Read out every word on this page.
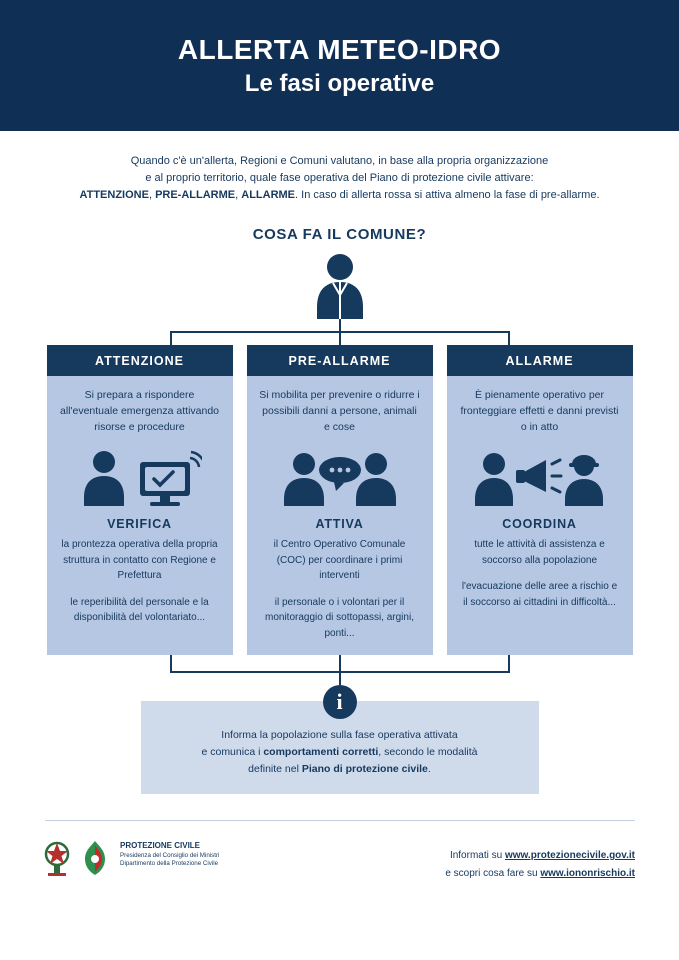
ALLERTA METEO-IDRO
Le fasi operative
Quando c'è un'allerta, Regioni e Comuni valutano, in base alla propria organizzazione
e al proprio territorio, quale fase operativa del Piano di protezione civile attivare:
ATTENZIONE, PRE-ALLARME, ALLARME. In caso di allerta rossa si attiva almeno la fase di pre-allarme.
COSA FA IL COMUNE?
ATTENZIONE
Si prepara a rispondere all'eventuale emergenza attivando risorse e procedure
VERIFICA

la prontezza operativa della propria struttura in contatto con Regione e Prefettura

le reperibilità del personale e la disponibilità del volontariato...

PRE-ALLARME
Si mobilita per prevenire o ridurre i possibili danni a persone, animali e cose
ATTIVA

il Centro Operativo Comunale (COC) per coordinare i primi interventi

il personale o i volontari per il monitoraggio di sottopassi, argini, ponti...

ALLARME
È pienamente operativo per fronteggiare effetti e danni previsti o in atto
COORDINA

tutte le attività di assistenza e soccorso alla popolazione

l'evacuazione delle aree a rischio e il soccorso ai cittadini in difficoltà...

i
Informa la popolazione sulla fase operativa attivata
e comunica i comportamenti corretti, secondo le modalità
definite nel Piano di protezione civile.
PROTEZIONE CIVILE
Presidenza del Consiglio dei Ministri
Dipartimento della Protezione Civile
Informati su www.protezionecivile.gov.it
e scopri cosa fare su www.iononrischio.it
